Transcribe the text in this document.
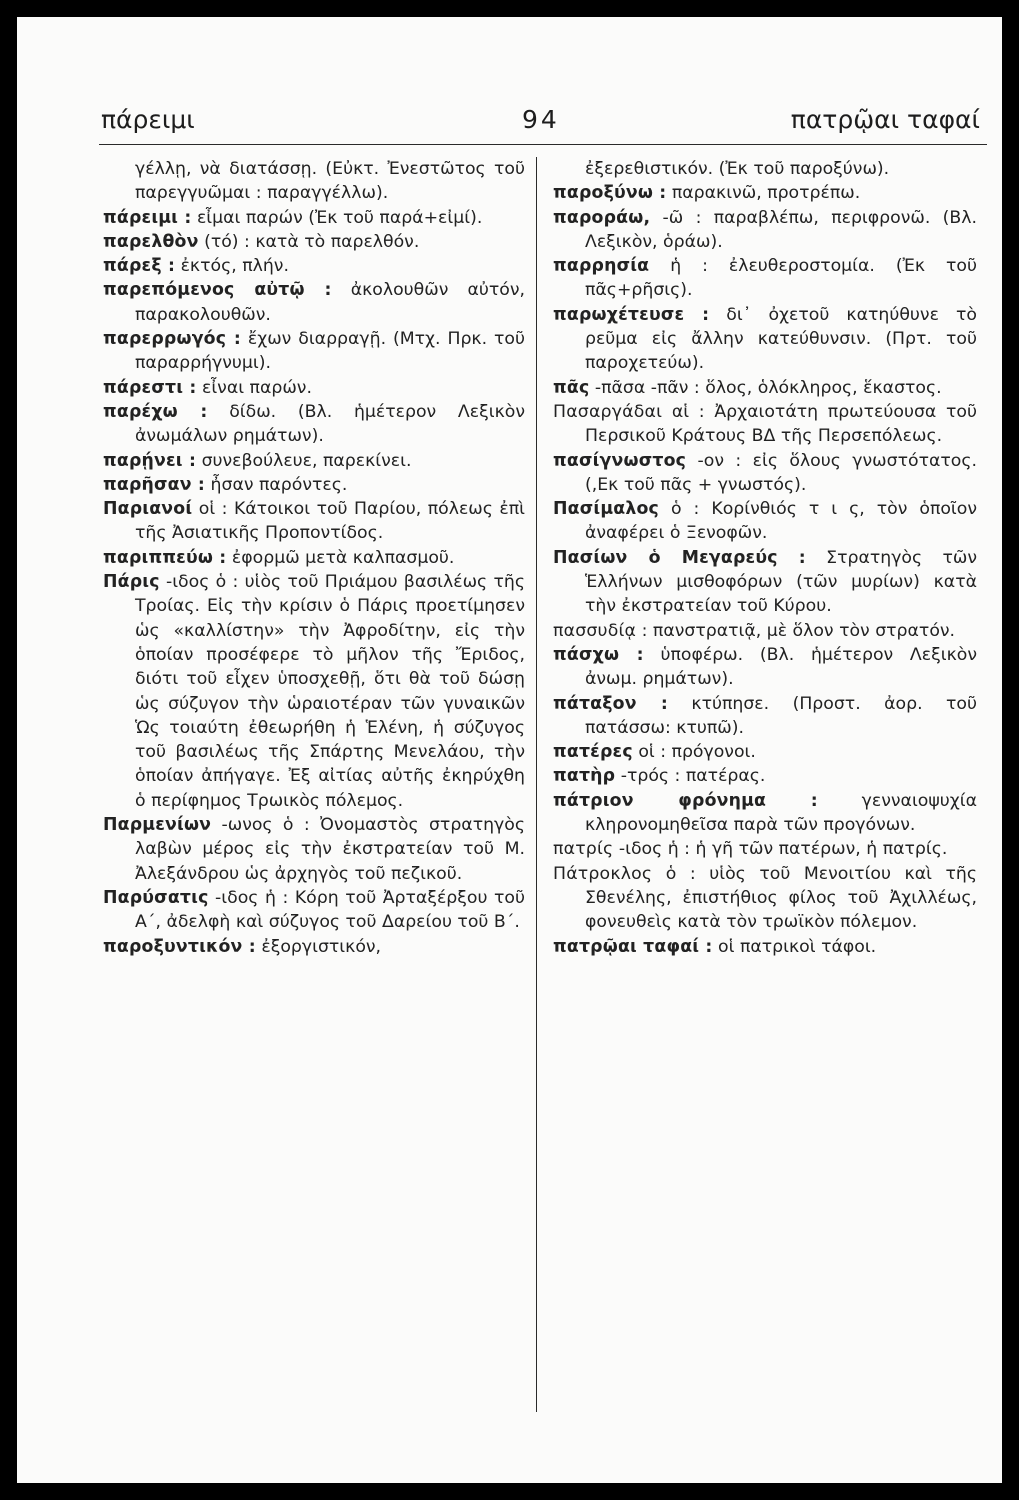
πάρειμι	94	πατρῷαι ταφαί

γέλλῃ, νὰ διατάσσῃ. (Εὐκτ. Ἐνεστῶτος τοῦ παρεγγυῶμαι : παραγγέλλω).

πάρειμι : εἶμαι παρών (Ἐκ τοῦ παρά+εἰμί).

παρελθὸν (τό) : κατὰ τὸ παρελθόν.

πάρεξ : ἐκτός, πλήν.

παρεπόμενος αὐτῷ : ἀκολουθῶν αὐτόν, παρακολουθῶν.

παρερρωγός : ἔχων διαρραγῇ. (Μτχ. Πρκ. τοῦ παραρρήγνυμι).

πάρεστι : εἶναι παρών.

παρέχω : δίδω. (Βλ. ἡμέτερον Λεξικὸν ἀνωμάλων ρημάτων).

παρῄνει : συνεβούλευε, παρεκίνει.

παρῆσαν : ἦσαν παρόντες.

Παριανοί οἱ : Κάτοικοι τοῦ Παρίου, πόλεως ἐπὶ τῆς Ἀσιατικῆς Προποντίδος.

παριππεύω : ἐφορμῶ μετὰ καλπασμοῦ.

Πάρις -ιδος ὁ : υἱὸς τοῦ Πριάμου βασιλέως τῆς Τροίας. Εἰς τὴν κρίσιν ὁ Πάρις προετίμησεν ὡς «καλλίστην» τὴν Ἀφροδίτην, εἰς τὴν ὁποίαν προσέφερε τὸ μῆλον τῆς Ἔριδος, διότι τοῦ εἶχεν ὑποσχεθῇ, ὅτι θὰ τοῦ δώσῃ ὡς σύζυγον τὴν ὡραιοτέραν τῶν γυναικῶν Ὡς τοιαύτη ἐθεωρήθη ἡ Ἑλένη, ἡ σύζυγος τοῦ βασιλέως τῆς Σπάρτης Μενελάου, τὴν ὁποίαν ἀπήγαγε. Ἐξ αἰτίας αὐτῆς ἐκηρύχθη ὁ περίφημος Τρωικὸς πόλεμος.

Παρμενίων -ωνος ὁ : Ὀνομαστὸς στρατηγὸς λαβὼν μέρος εἰς τὴν ἐκστρατείαν τοῦ Μ. Ἀλεξάνδρου ὡς ἀρχηγὸς τοῦ πεζικοῦ.

Παρύσατις -ιδος ἡ : Κόρη τοῦ Ἀρταξέρξου τοῦ Α΄, ἀδελφὴ καὶ σύζυγος τοῦ Δαρείου τοῦ Β΄.

παροξυντικόν : ἐξοργιστικόν,

ἐξερεθιστικόν. (Ἐκ τοῦ παροξύνω).

παροξύνω : παρακινῶ, προτρέπω.

παροράω, -ῶ : παραβλέπω, περιφρονῶ. (Βλ. Λεξικὸν, ὁράω).

παρρησία ἡ : ἐλευθεροστομία. (Ἐκ τοῦ πᾶς+ρῆσις).

παρωχέτευσε : δι᾽ ὀχετοῦ κατηύθυνε τὸ ρεῦμα εἰς ἄλλην κατεύθυνσιν. (Πρτ. τοῦ παροχετεύω).

πᾶς -πᾶσα -πᾶν : ὅλος, ὁλόκληρος, ἕκαστος.

Πασαργάδαι αἱ : Ἀρχαιοτάτη πρωτεύουσα τοῦ Περσικοῦ Κράτους ΒΔ τῆς Περσεπόλεως.

πασίγνωστος -ον : εἰς ὅλους γνωστότατος. (,Εκ τοῦ πᾶς + γνωστός).

Πασίμαλος ὁ : Κορίνθιός τ ι ς, τὸν ὁποῖον ἀναφέρει ὁ Ξενοφῶν.

Πασίων ὁ Μεγαρεύς : Στρατηγὸς τῶν Ἑλλήνων μισθοφόρων (τῶν μυρίων) κατὰ τὴν ἐκστρατείαν τοῦ Κύρου.

πασσυδίᾳ : πανστρατιᾷ, μὲ ὅλον τὸν στρατόν.

πάσχω : ὑποφέρω. (Βλ. ἡμέτερον Λεξικὸν ἀνωμ. ρημάτων).

πάταξον : κτύπησε. (Προστ. ἀορ. τοῦ πατάσσω: κτυπῶ).

πατέρες οἱ : πρόγονοι.

πατὴρ -τρός : πατέρας.

πάτριον φρόνημα : γενναιοψυχία κληρονομηθεῖσα παρὰ τῶν προγόνων.

πατρίς -ιδος ἡ : ἡ γῆ τῶν πατέρων, ἡ πατρίς.

Πάτροκλος ὁ : υἱὸς τοῦ Μενοιτίου καὶ τῆς Σθενέλης, ἐπιστήθιος φίλος τοῦ Ἀχιλλέως, φονευθεὶς κατὰ τὸν τρωϊκὸν πόλεμον.

πατρῷαι ταφαί : οἱ πατρικοὶ τάφοι.
